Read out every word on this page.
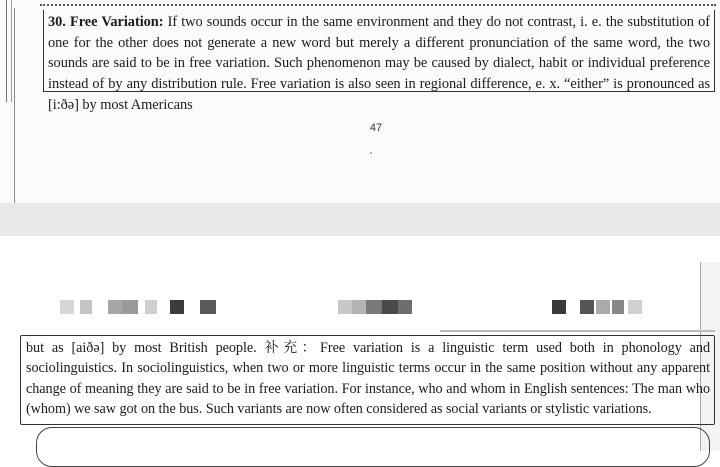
30. Free Variation: If two sounds occur in the same environment and they do not contrast, i. e. the substitution of one for the other does not generate a new word but merely a different pronunciation of the same word, the two sounds are said to be in free variation. Such phenomenon may be caused by dialect, habit or individual preference instead of by any distribution rule. Free variation is also seen in regional difference, e. x. “either” is pronounced as [i:ðə] by most Americans

47

but as [aiðə] by most British people. 补充：Free variation is a linguistic term used both in phonology and sociolinguistics. In sociolinguistics, when two or more linguistic terms occur in the same position without any apparent change of meaning they are said to be in free variation. For instance, who and whom in English sentences: The man who (whom) we saw got on the bus. Such variants are now often considered as social variants or stylistic variations.
